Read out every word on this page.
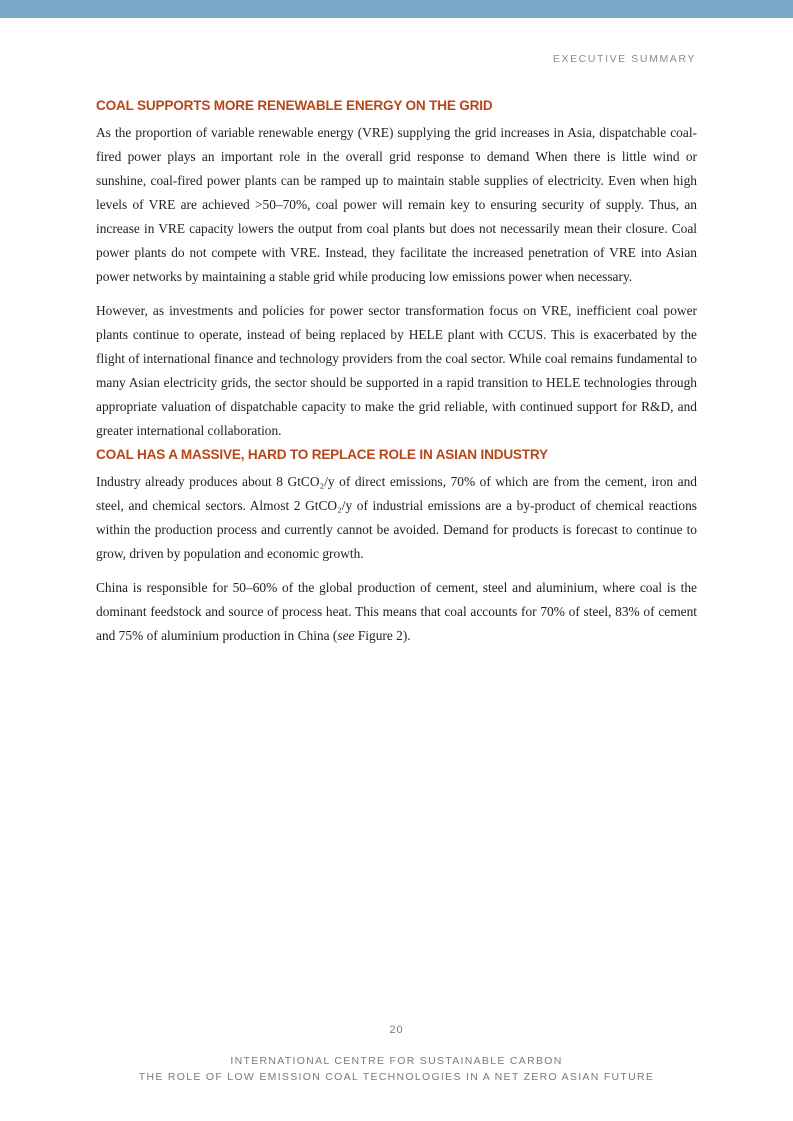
EXECUTIVE SUMMARY
COAL SUPPORTS MORE RENEWABLE ENERGY ON THE GRID

As the proportion of variable renewable energy (VRE) supplying the grid increases in Asia, dispatchable coal-fired power plays an important role in the overall grid response to demand When there is little wind or sunshine, coal-fired power plants can be ramped up to maintain stable supplies of electricity. Even when high levels of VRE are achieved >50–70%, coal power will remain key to ensuring security of supply. Thus, an increase in VRE capacity lowers the output from coal plants but does not necessarily mean their closure. Coal power plants do not compete with VRE. Instead, they facilitate the increased penetration of VRE into Asian power networks by maintaining a stable grid while producing low emissions power when necessary.

However, as investments and policies for power sector transformation focus on VRE, inefficient coal power plants continue to operate, instead of being replaced by HELE plant with CCUS. This is exacerbated by the flight of international finance and technology providers from the coal sector. While coal remains fundamental to many Asian electricity grids, the sector should be supported in a rapid transition to HELE technologies through appropriate valuation of dispatchable capacity to make the grid reliable, with continued support for R&D, and greater international collaboration.

COAL HAS A MASSIVE, HARD TO REPLACE ROLE IN ASIAN INDUSTRY

Industry already produces about 8 GtCO₂/y of direct emissions, 70% of which are from the cement, iron and steel, and chemical sectors. Almost 2 GtCO₂/y of industrial emissions are a by-product of chemical reactions within the production process and currently cannot be avoided. Demand for products is forecast to continue to grow, driven by population and economic growth.

China is responsible for 50–60% of the global production of cement, steel and aluminium, where coal is the dominant feedstock and source of process heat. This means that coal accounts for 70% of steel, 83% of cement and 75% of aluminium production in China (see Figure 2).

20
INTERNATIONAL CENTRE FOR SUSTAINABLE CARBON
THE ROLE OF LOW EMISSION COAL TECHNOLOGIES IN A NET ZERO ASIAN FUTURE
